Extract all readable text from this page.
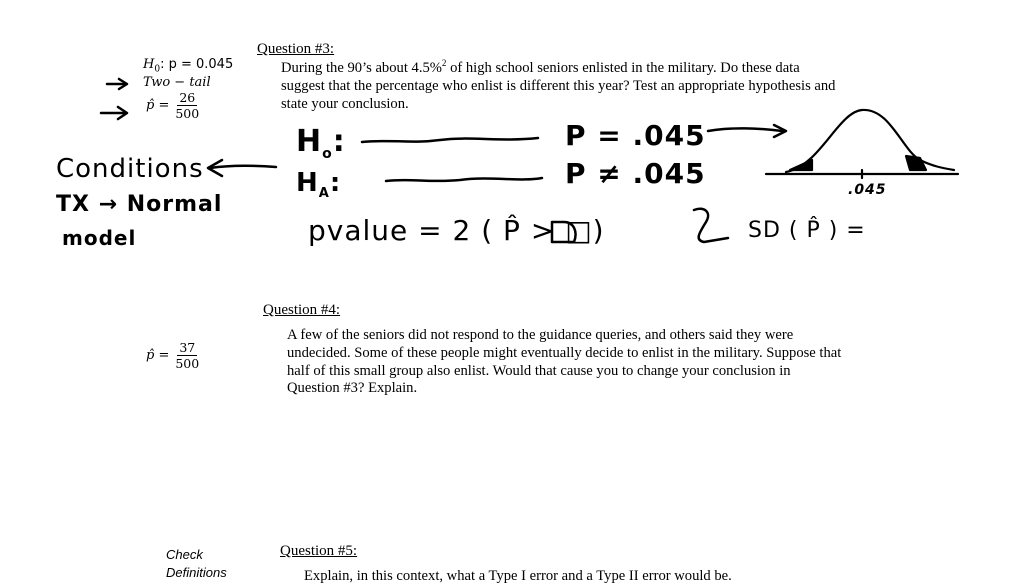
$H_0$: p = 0.045
Two − tail
p̂ = $\frac{26}{500}$
p̂ = $\frac{37}{500}$
Check
Definitions
Question #3:
During the 90’s about 4.5%$^2$ of high school seniors enlisted in the military. Do these data
suggest that the percentage who enlist is different this year? Test an appropriate hypothesis and
state your conclusion.
Question #4:
A few of the seniors did not respond to the guidance queries, and others said they were
undecided. Some of these people might eventually decide to enlist in the military. Suppose that
half of this small group also enlist. Would that cause you to change your conclusion in
Question #3? Explain.
Question #5:
Explain, in this context, what a Type I error and a Type II error would be.
$H_o$:	P = .045
$H_A$:	P ≠ .045
pvalue = 2 ( P̂ > □)	SD ( P̂ ) =
Conditions
TX → Normal
model
.045
